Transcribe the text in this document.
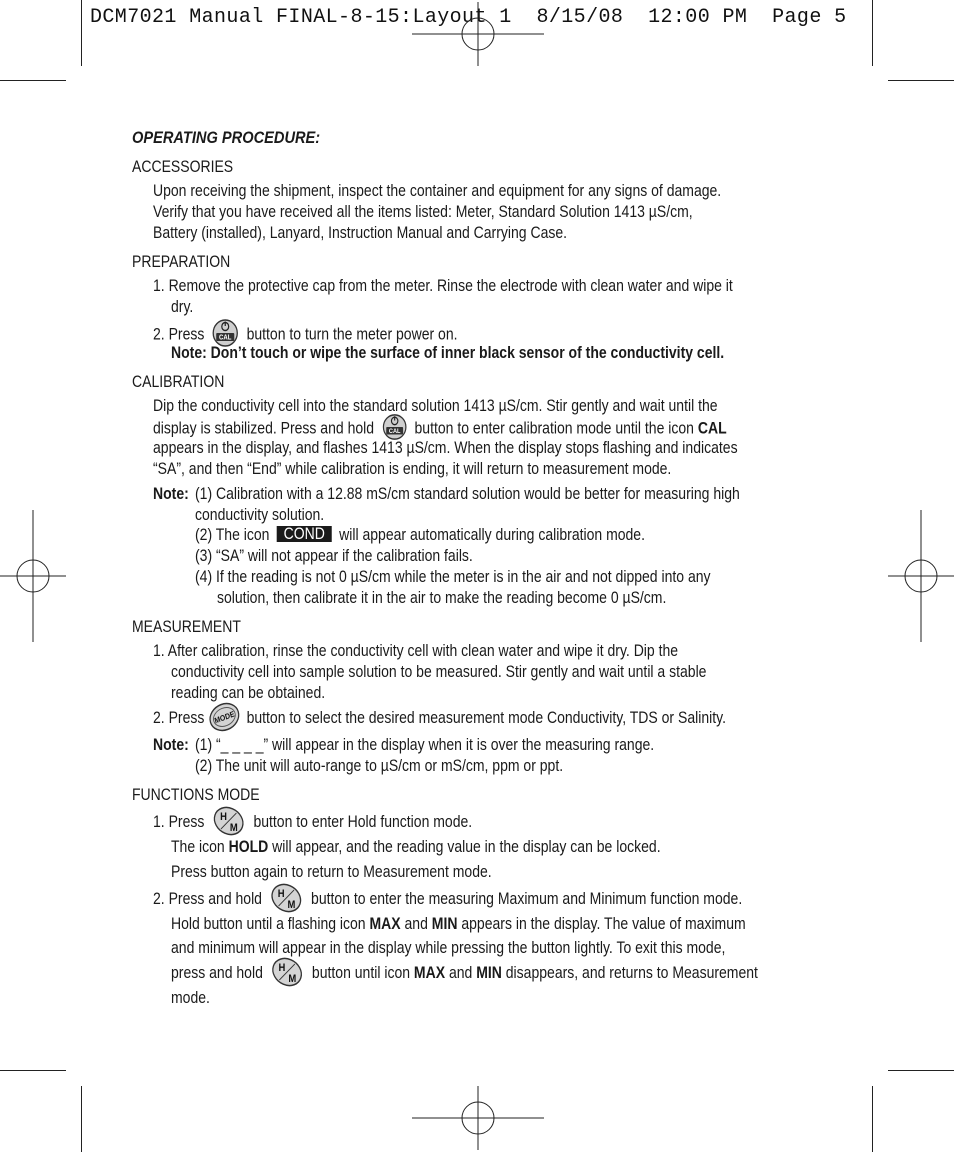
DCM7021 Manual FINAL-8-15:Layout 1  8/15/08  12:00 PM  Page 5
OPERATING PROCEDURE:
ACCESSORIES
Upon receiving the shipment, inspect the container and equipment for any signs of damage.
Verify that you have received all the items listed: Meter, Standard Solution 1413 µS/cm,
Battery (installed), Lanyard, Instruction Manual and Carrying Case.
PREPARATION
1. Remove the protective cap from the meter. Rinse the electrode with clean water and wipe it
dry.
2. Press CAL button to turn the meter power on.
Note: Don’t touch or wipe the surface of inner black sensor of the conductivity cell.
CALIBRATION
Dip the conductivity cell into the standard solution 1413 µS/cm. Stir gently and wait until the
display is stabilized. Press and hold CAL button to enter calibration mode until the icon CAL
appears in the display, and flashes 1413 µS/cm. When the display stops flashing and indicates
“SA”, and then “End” while calibration is ending, it will return to measurement mode.
Note: (1) Calibration with a 12.88 mS/cm standard solution would be better for measuring high
conductivity solution.
(2) The icon COND will appear automatically during calibration mode.
(3) “SA” will not appear if the calibration fails.
(4) If the reading is not 0 µS/cm while the meter is in the air and not dipped into any
solution, then calibrate it in the air to make the reading become 0 µS/cm.
MEASUREMENT
1. After calibration, rinse the conductivity cell with clean water and wipe it dry. Dip the
conductivity cell into sample solution to be measured. Stir gently and wait until a stable
reading can be obtained.
2. Press MODE button to select the desired measurement mode Conductivity, TDS or Salinity.
Note: (1) “_ _ _ _” will appear in the display when it is over the measuring range.
(2) The unit will auto-range to µS/cm or mS/cm, ppm or ppt.
FUNCTIONS MODE
1. Press H
M button to enter Hold function mode.
The icon HOLD will appear, and the reading value in the display can be locked.
Press button again to return to Measurement mode.
2. Press and hold H
M button to enter the measuring Maximum and Minimum function mode.
Hold button until a flashing icon MAX and MIN appears in the display. The value of maximum
and minimum will appear in the display while pressing the button lightly. To exit this mode,
press and hold H
M button until icon MAX and MIN disappears, and returns to Measurement
mode.
